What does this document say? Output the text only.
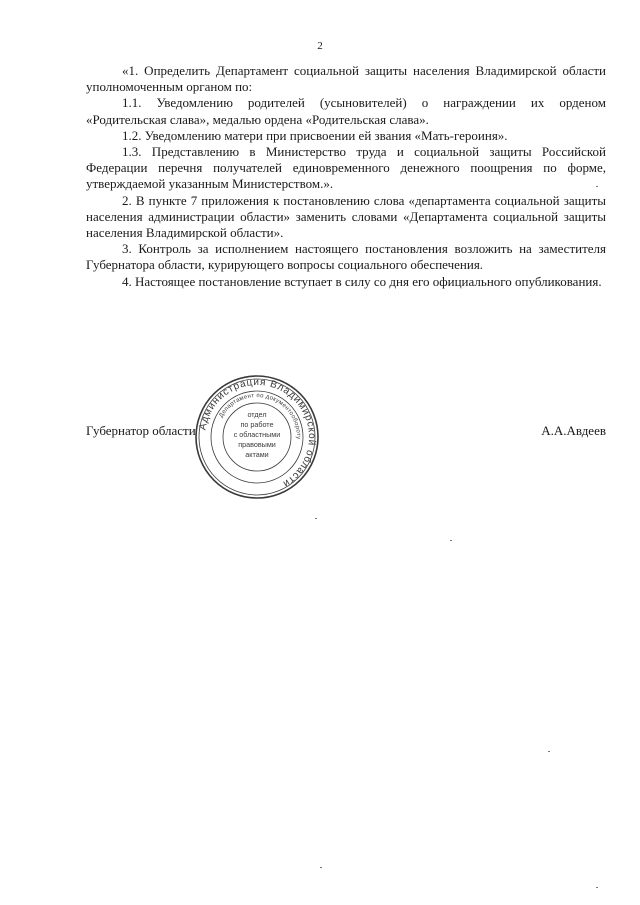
2

«1. Определить Департамент социальной защиты населения Владимирской области уполномоченным органом по:

1.1. Уведомлению родителей (усыновителей) о награждении их орденом «Родительская слава», медалью ордена «Родительская слава».

1.2. Уведомлению матери при присвоении ей звания «Мать-героиня».

1.3. Представлению в Министерство труда и социальной защиты Российской Федерации перечня получателей единовременного денежного поощрения по форме, утверждаемой указанным Министерством.».

2. В пункте 7 приложения к постановлению слова «департамента социальной защиты населения администрации области» заменить словами «Департамента социальной защиты населения Владимирской области».

3. Контроль за исполнением настоящего постановления возложить на заместителя Губернатора области, курирующего вопросы социального обеспечения.

4. Настоящее постановление вступает в силу со дня его официального опубликования.

Губернатор области	А.А.Авдеев
Администрация Владимирской области
Департамент по документообороту
отдел
по работе
с областными
правовыми
актами
